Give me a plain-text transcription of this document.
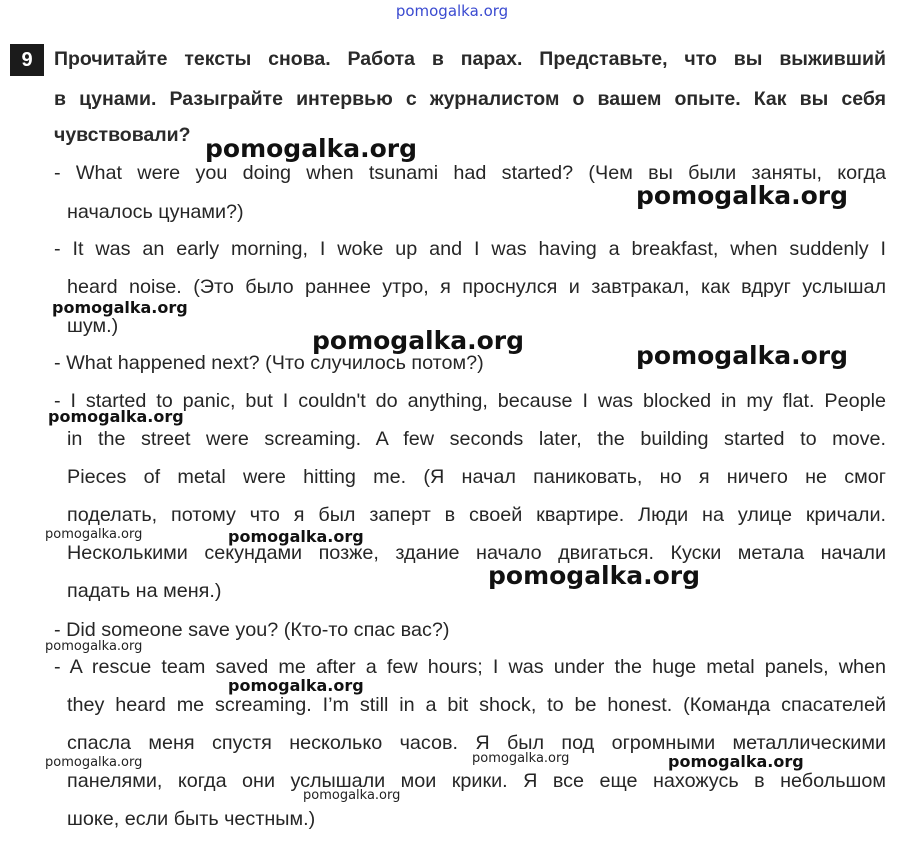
pomogalka.org
9	Прочитайте тексты снова. Работа в парах. Представьте, что вы выживший
в цунами. Разыграйте интервью с журналистом о вашем опыте. Как вы себя
чувствовали?
- What were you doing when tsunami had started? (Чем вы были заняты, когда
началось цунами?)
- It was an early morning, I woke up and I was having a breakfast, when suddenly I
heard noise. (Это было раннее утро, я проснулся и завтракал, как вдруг услышал
шум.)
- What happened next? (Что случилось потом?)
- I started to panic, but I couldn't do anything, because I was blocked in my flat. People
in the street were screaming. A few seconds later, the building started to move.
Pieces of metal were hitting me. (Я начал паниковать, но я ничего не смог
поделать, потому что я был заперт в своей квартире. Люди на улице кричали.
Несколькими секундами позже, здание начало двигаться. Куски метала начали
падать на меня.)
- Did someone save you? (Кто-то спас вас?)
- A rescue team saved me after a few hours; I was under the huge metal panels, when
they heard me screaming. I’m still in a bit shock, to be honest. (Команда спасателей
спасла меня спустя несколько часов. Я был под огромными металлическими
панелями, когда они услышали мои крики. Я все еще нахожусь в небольшом
шоке, если быть честным.)
pomogalka.org
pomogalka.org
pomogalka.org
pomogalka.org
pomogalka.org
pomogalka.org
pomogalka.org	pomogalka.org
pomogalka.org
pomogalka.org
pomogalka.org
pomogalka.org	pomogalka.org	pomogalka.org
pomogalka.org
